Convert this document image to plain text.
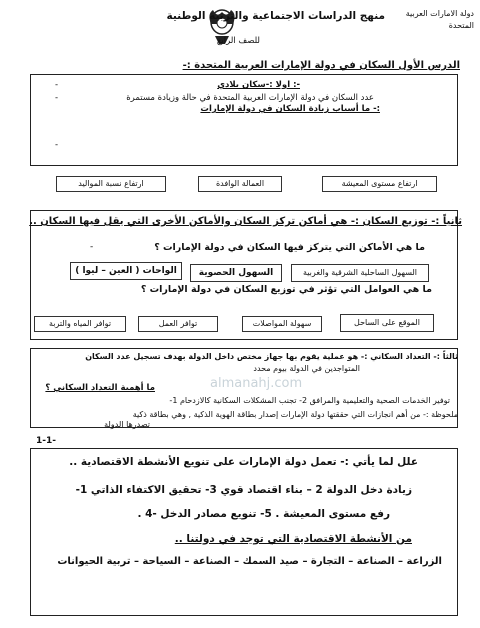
دولة الامارات العربية المتحدة
منهج الدراسات الاجتماعية والتربية الوطنية
للصف الرابع
الدرس الأول السكان في دولة الإمارات العربية المتحدة :-
-: اولا :-سكان بلادي
-
عدد السكان في دولة الإمارات العربية المتحدة في حالة وزيادة مستمرة
-
:- ما أسباب زيادة السكان في دولة الإمارات
-
ارتفاع مستوى المعيشة
العمالة الوافدة
ارتفاع نسبة المواليد
ثانياً :- توزيع السكان :- هي أماكن تركز السكان والأماكن الأخرى التي يقل فيها السكان ..
ما هي الأماكن التي يتركز فيها السكان في دولة الإمارات ؟
-
السهول الساحلية الشرقية والغربية
السهول الحصوية
( الواحات ( العين – ليوا
ما هي العوامل التي تؤثر في توزيع السكان في دولة الإمارات ؟
الموقع على الساحل
سهولة المواصلات
توافر العمل
توافر المياه والتربة
ثالثاً :- التعداد السكاني :- هو عملية يقوم بها جهاز مختص داخل الدولة بهدف تسجيل عدد السكان
المتواجدين في الدولة بيوم محدد
ما أهمية التعداد السكاني ؟
توفير الخدمات الصحية والتعليمية والمرافق 2- تجنب المشكلات السكانية كالازدحام 1-
ملحوظة :- من أهم انجازات التي حققتها دولة الإمارات إصدار بطاقة الهوية الذكية , وهي بطاقة ذكية
تصدرها الدولة
almanahj.com
1-1-
علل لما يأتي :- تعمل دولة الإمارات على تنويع الأنشطة الاقتصادية ..
زيادة دخل الدولة 2 – بناء اقتصاد قوي 3- تحقيق الاكتفاء الذاتي 1-
رفع مستوى المعيشة . 5- تنويع مصادر الدخل -4 .
من الأنشطة الاقتصادية التي توجد في دولتنا ..
الزراعة – الصناعة – التجارة – صيد السمك – الصناعة – السياحة – تربية الحيوانات
